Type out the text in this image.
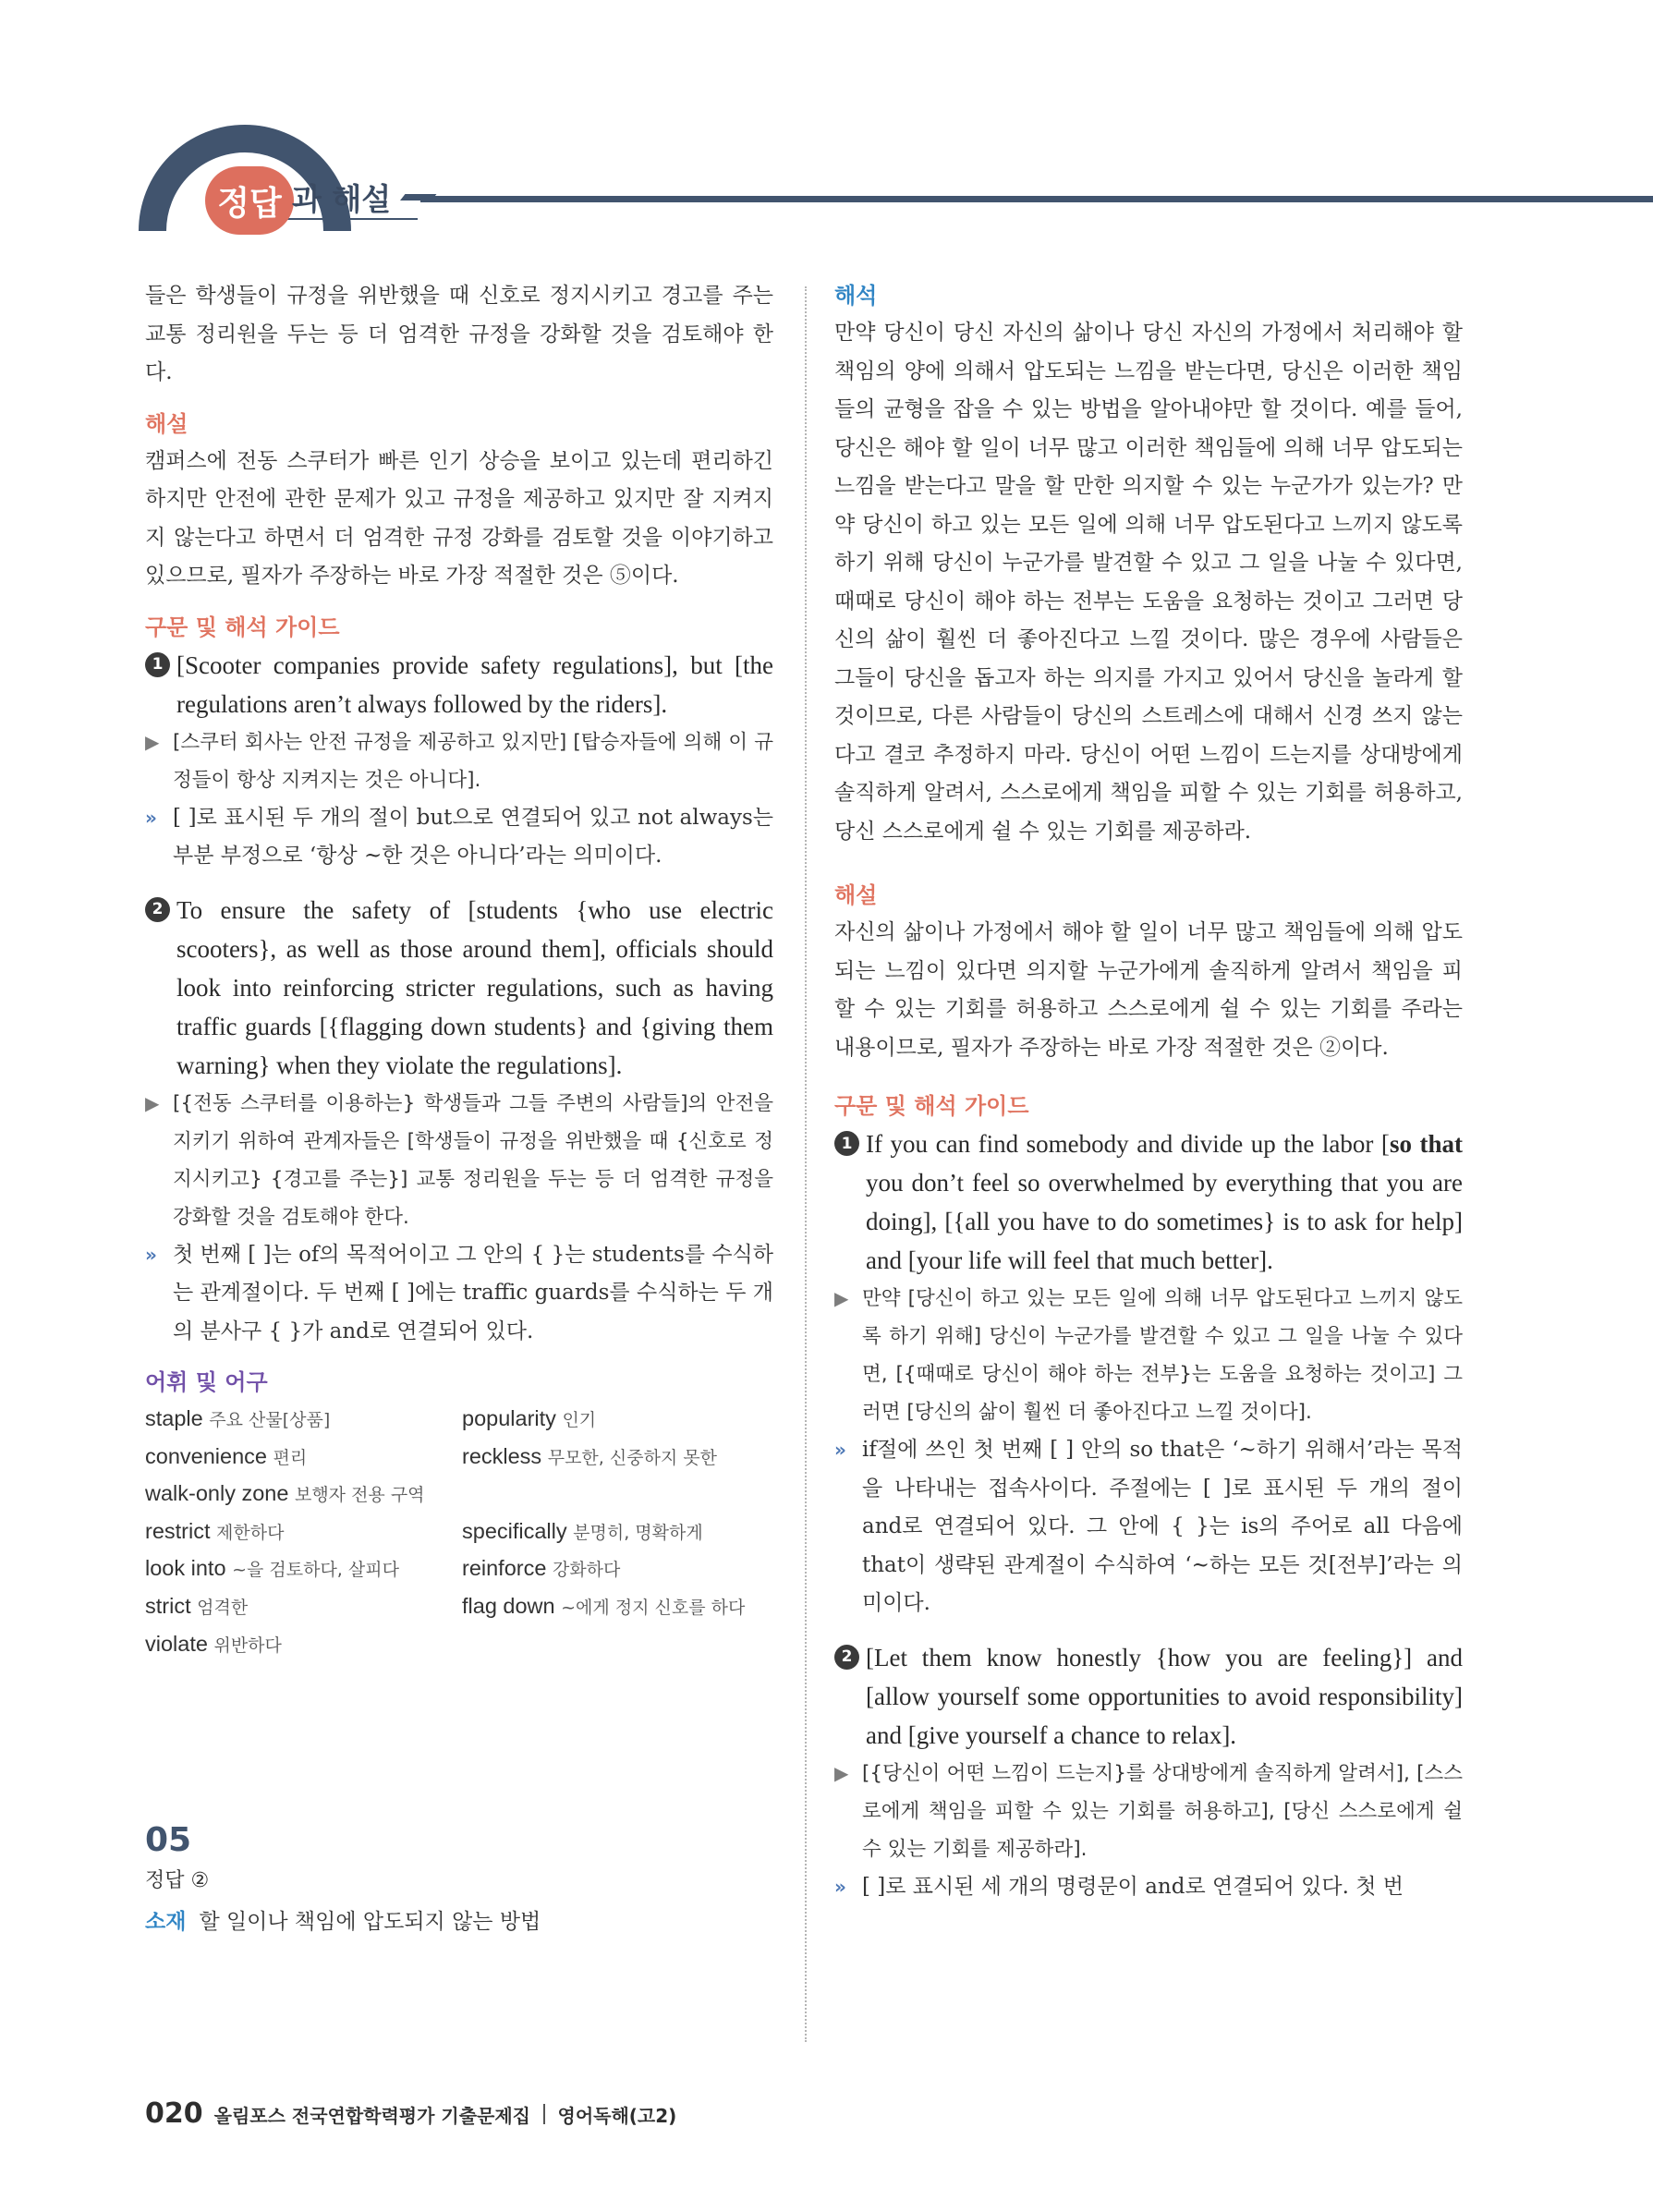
정답 과 해설

들은 학생들이 규정을 위반했을 때 신호로 정지시키고 경고를 주는 교통 정리원을 두는 등 더 엄격한 규정을 강화할 것을 검토해야 한다.

해설

캠퍼스에 전동 스쿠터가 빠른 인기 상승을 보이고 있는데 편리하긴 하지만 안전에 관한 문제가 있고 규정을 제공하고 있지만 잘 지켜지지 않는다고 하면서 더 엄격한 규정 강화를 검토할 것을 이야기하고 있으므로, 필자가 주장하는 바로 가장 적절한 것은 ⑤이다.

구문 및 해석 가이드

1 [Scooter companies provide safety regulations], but [the regulations aren’t always followed by the riders].

▶ [스쿠터 회사는 안전 규정을 제공하고 있지만] [탑승자들에 의해 이 규정들이 항상 지켜지는 것은 아니다].

» [ ]로 표시된 두 개의 절이 but으로 연결되어 있고 not always는 부분 부정으로 ‘항상 ~한 것은 아니다’라는 의미이다.

2 To ensure the safety of [students {who use electric scooters}, as well as those around them], officials should look into reinforcing stricter regulations, such as having traffic guards [{flagging down students} and {giving them warning} when they violate the regulations].

▶ [{전동 스쿠터를 이용하는} 학생들과 그들 주변의 사람들]의 안전을 지키기 위하여 관계자들은 [학생들이 규정을 위반했을 때 {신호로 정지시키고} {경고를 주는}] 교통 정리원을 두는 등 더 엄격한 규정을 강화할 것을 검토해야 한다.

» 첫 번째 [ ]는 of의 목적어이고 그 안의 { }는 students를 수식하는 관계절이다. 두 번째 [ ]에는 traffic guards를 수식하는 두 개의 분사구 { }가 and로 연결되어 있다.

어휘 및 어구

staple 주요 산물[상품]	popularity 인기
convenience 편리	reckless 무모한, 신중하지 못한
walk-only zone 보행자 전용 구역
restrict 제한하다	specifically 분명히, 명확하게
look into ~을 검토하다, 살피다	reinforce 강화하다
strict 엄격한	flag down ~에게 정지 신호를 하다
violate 위반하다

05

정답 ②

소재 할 일이나 책임에 압도되지 않는 방법

해석

만약 당신이 당신 자신의 삶이나 당신 자신의 가정에서 처리해야 할 책임의 양에 의해서 압도되는 느낌을 받는다면, 당신은 이러한 책임들의 균형을 잡을 수 있는 방법을 알아내야만 할 것이다. 예를 들어, 당신은 해야 할 일이 너무 많고 이러한 책임들에 의해 너무 압도되는 느낌을 받는다고 말을 할 만한 의지할 수 있는 누군가가 있는가? 만약 당신이 하고 있는 모든 일에 의해 너무 압도된다고 느끼지 않도록 하기 위해 당신이 누군가를 발견할 수 있고 그 일을 나눌 수 있다면, 때때로 당신이 해야 하는 전부는 도움을 요청하는 것이고 그러면 당신의 삶이 훨씬 더 좋아진다고 느낄 것이다. 많은 경우에 사람들은 그들이 당신을 돕고자 하는 의지를 가지고 있어서 당신을 놀라게 할 것이므로, 다른 사람들이 당신의 스트레스에 대해서 신경 쓰지 않는다고 결코 추정하지 마라. 당신이 어떤 느낌이 드는지를 상대방에게 솔직하게 알려서, 스스로에게 책임을 피할 수 있는 기회를 허용하고, 당신 스스로에게 쉴 수 있는 기회를 제공하라.

해설

자신의 삶이나 가정에서 해야 할 일이 너무 많고 책임들에 의해 압도되는 느낌이 있다면 의지할 누군가에게 솔직하게 알려서 책임을 피할 수 있는 기회를 허용하고 스스로에게 쉴 수 있는 기회를 주라는 내용이므로, 필자가 주장하는 바로 가장 적절한 것은 ②이다.

구문 및 해석 가이드

1 If you can find somebody and divide up the labor [so that you don’t feel so overwhelmed by everything that you are doing], [{all you have to do sometimes} is to ask for help] and [your life will feel that much better].

▶ 만약 [당신이 하고 있는 모든 일에 의해 너무 압도된다고 느끼지 않도록 하기 위해] 당신이 누군가를 발견할 수 있고 그 일을 나눌 수 있다면, [{때때로 당신이 해야 하는 전부}는 도움을 요청하는 것이고] 그러면 [당신의 삶이 훨씬 더 좋아진다고 느낄 것이다].

» if절에 쓰인 첫 번째 [ ] 안의 so that은 ‘~하기 위해서’라는 목적을 나타내는 접속사이다. 주절에는 [ ]로 표시된 두 개의 절이 and로 연결되어 있다. 그 안에 { }는 is의 주어로 all 다음에 that이 생략된 관계절이 수식하여 ‘~하는 모든 것[전부]’라는 의미이다.

2 [Let them know honestly {how you are feeling}] and [allow yourself some opportunities to avoid responsibility] and [give yourself a chance to relax].

▶ [{당신이 어떤 느낌이 드는지}를 상대방에게 솔직하게 알려서], [스스로에게 책임을 피할 수 있는 기회를 허용하고], [당신 스스로에게 쉴 수 있는 기회를 제공하라].

» [ ]로 표시된 세 개의 명령문이 and로 연결되어 있다. 첫 번

020 올림포스 전국연합학력평가 기출문제집 영어독해(고2)
